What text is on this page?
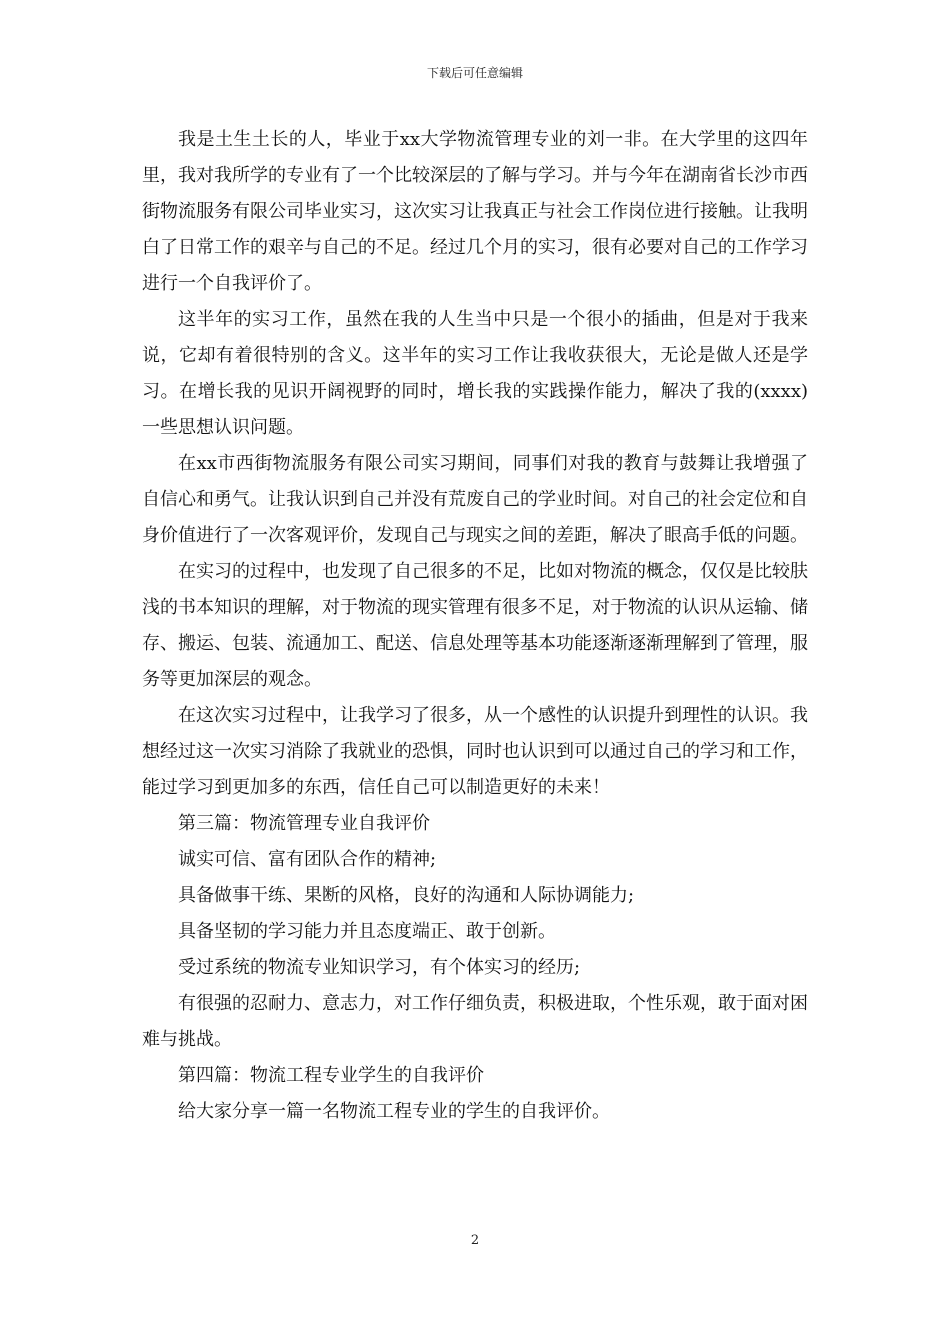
下载后可任意编辑

我是土生土长的人，毕业于xx大学物流管理专业的刘一非。在大学里的这四年里，我对我所学的专业有了一个比较深层的了解与学习。并与今年在湖南省长沙市西街物流服务有限公司毕业实习，这次实习让我真正与社会工作岗位进行接触。让我明白了日常工作的艰辛与自己的不足。经过几个月的实习，很有必要对自己的工作学习进行一个自我评价了。

这半年的实习工作，虽然在我的人生当中只是一个很小的插曲，但是对于我来说，它却有着很特别的含义。这半年的实习工作让我收获很大，无论是做人还是学习。在增长我的见识开阔视野的同时，增长我的实践操作能力，解决了我的(xxxx)一些思想认识问题。

在xx市西街物流服务有限公司实习期间，同事们对我的教育与鼓舞让我增强了自信心和勇气。让我认识到自己并没有荒废自己的学业时间。对自己的社会定位和自身价值进行了一次客观评价，发现自己与现实之间的差距，解决了眼高手低的问题。

在实习的过程中，也发现了自己很多的不足，比如对物流的概念，仅仅是比较肤浅的书本知识的理解，对于物流的现实管理有很多不足，对于物流的认识从运输、储存、搬运、包装、流通加工、配送、信息处理等基本功能逐渐逐渐理解到了管理，服务等更加深层的观念。

在这次实习过程中，让我学习了很多，从一个感性的认识提升到理性的认识。我想经过这一次实习消除了我就业的恐惧，同时也认识到可以通过自己的学习和工作，能过学习到更加多的东西，信任自己可以制造更好的未来！

第三篇：物流管理专业自我评价

诚实可信、富有团队合作的精神;

具备做事干练、果断的风格，良好的沟通和人际协调能力;

具备坚韧的学习能力并且态度端正、敢于创新。

受过系统的物流专业知识学习，有个体实习的经历;

有很强的忍耐力、意志力，对工作仔细负责，积极进取，个性乐观，敢于面对困难与挑战。

第四篇：物流工程专业学生的自我评价

给大家分享一篇一名物流工程专业的学生的自我评价。

2
